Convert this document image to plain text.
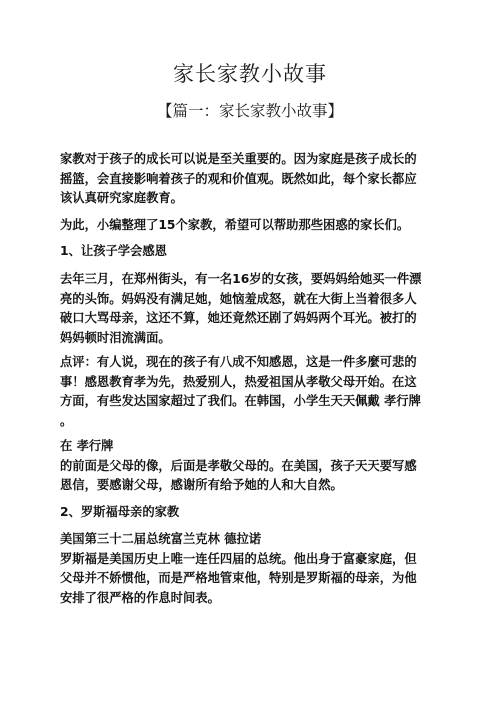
家长家教小故事
【篇一：家长家教小故事】
家教对于孩子的成长可以说是至关重要的。因为家庭是孩子成长的
摇篮，会直接影响着孩子的观和价值观。既然如此，每个家长都应
该认真研究家庭教育。
为此，小编整理了15个家教，希望可以帮助那些困惑的家长们。
1、让孩子学会感恩
去年三月，在郑州街头，有一名16岁的女孩，要妈妈给她买一件漂
亮的头饰。妈妈没有满足她，她恼羞成怒，就在大街上当着很多人
破口大骂母亲，这还不算，她还竟然还剧了妈妈两个耳光。被打的
妈妈顿时泪流满面。
点评：有人说，现在的孩子有八成不知感恩，这是一件多麼可悲的
事！感恩教育孝为先，热爱别人，热爱祖国从孝敬父母开始。在这
方面，有些发达国家超过了我们。在韩国，小学生天天佩戴 孝行牌
。
在 孝行牌
的前面是父母的像，后面是孝敬父母的。在美国，孩子天天要写感
恩信，要感谢父母，感谢所有给予她的人和大自然。
2、罗斯福母亲的家教
美国第三十二届总统富兰克林 德拉诺
罗斯福是美国历史上唯一连任四届的总统。他出身于富豪家庭，但
父母并不娇惯他，而是严格地管束他，特别是罗斯福的母亲，为他
安排了很严格的作息时间表。
